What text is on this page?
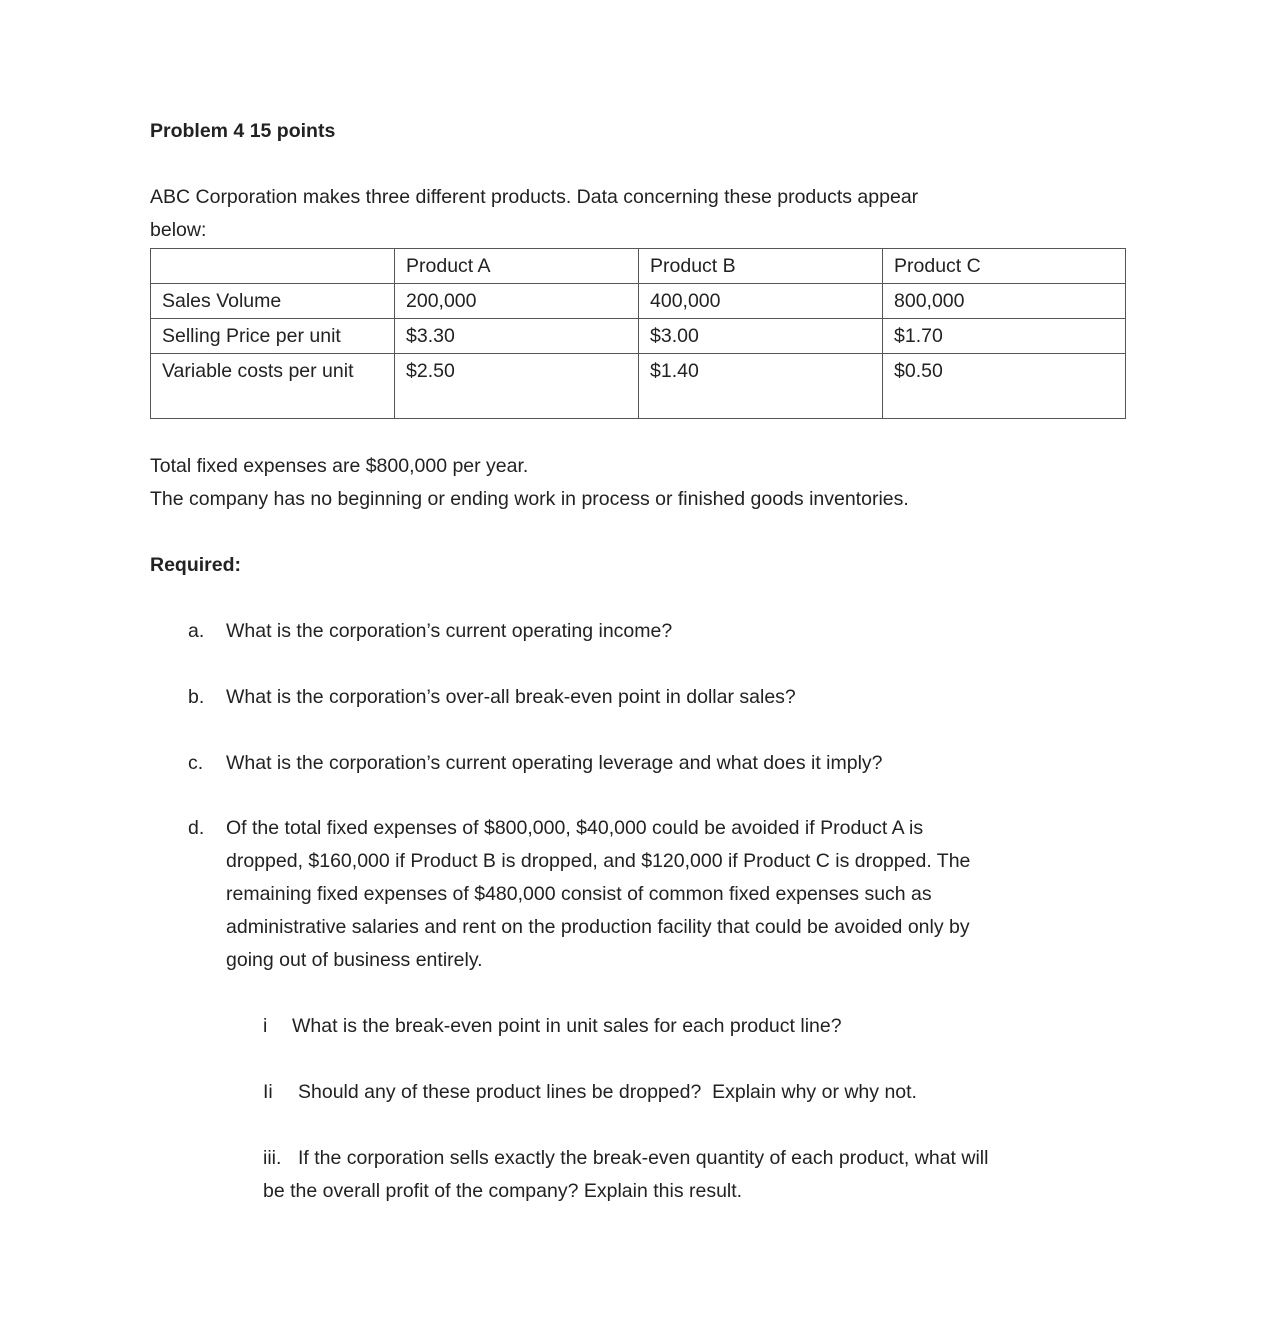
Problem 4 15 points
ABC Corporation makes three different products. Data concerning these products appear
below:
	Product A	Product B	Product C
Sales Volume	200,000	400,000	800,000
Selling Price per unit	$3.30	$3.00	$1.70
Variable costs per unit	$2.50	$1.40	$0.50
Total fixed expenses are $800,000 per year.
The company has no beginning or ending work in process or finished goods inventories.
Required:
a. What is the corporation’s current operating income?
b. What is the corporation’s over-all break-even point in dollar sales?
c. What is the corporation’s current operating leverage and what does it imply?
d. Of the total fixed expenses of $800,000, $40,000 could be avoided if Product A is
dropped, $160,000 if Product B is dropped, and $120,000 if Product C is dropped. The
remaining fixed expenses of $480,000 consist of common fixed expenses such as
administrative salaries and rent on the production facility that could be avoided only by
going out of business entirely.
i What is the break-even point in unit sales for each product line?
Ii Should any of these product lines be dropped?  Explain why or why not.
iii. If the corporation sells exactly the break-even quantity of each product, what will
be the overall profit of the company? Explain this result.
